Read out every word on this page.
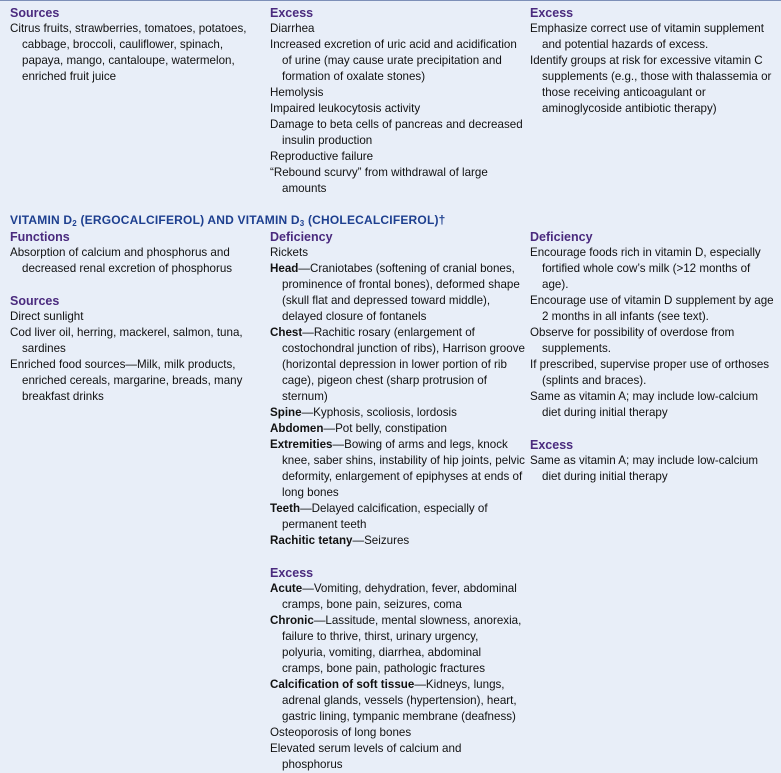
Sources

Citrus fruits, strawberries, tomatoes, potatoes, cabbage, broccoli, cauliflower, spinach, papaya, mango, cantaloupe, watermelon, enriched fruit juice

Excess

Diarrhea

Increased excretion of uric acid and acidification of urine (may cause urate precipitation and formation of oxalate stones)

Hemolysis

Impaired leukocytosis activity

Damage to beta cells of pancreas and decreased insulin production

Reproductive failure

“Rebound scurvy” from withdrawal of large amounts

Excess

Emphasize correct use of vitamin supplement and potential hazards of excess.

Identify groups at risk for excessive vitamin C supplements (e.g., those with thalassemia or those receiving anticoagulant or aminoglycoside antibiotic therapy)

VITAMIN $D_2$ (ERGOCALCIFEROL) AND VITAMIN $D_3$ (CHOLECALCIFEROL)†

Functions

Absorption of calcium and phosphorus and decreased renal excretion of phosphorus

Sources

Direct sunlight

Cod liver oil, herring, mackerel, salmon, tuna, sardines

Enriched food sources—Milk, milk products, enriched cereals, margarine, breads, many breakfast drinks

Deficiency

Rickets

Head—Craniotabes (softening of cranial bones, prominence of frontal bones), deformed shape (skull flat and depressed toward middle), delayed closure of fontanels

Chest—Rachitic rosary (enlargement of costochondral junction of ribs), Harrison groove (horizontal depression in lower portion of rib cage), pigeon chest (sharp protrusion of sternum)

Spine—Kyphosis, scoliosis, lordosis

Abdomen—Pot belly, constipation

Extremities—Bowing of arms and legs, knock knee, saber shins, instability of hip joints, pelvic deformity, enlargement of epiphyses at ends of long bones

Teeth—Delayed calcification, especially of permanent teeth

Rachitic tetany—Seizures

Excess

Acute—Vomiting, dehydration, fever, abdominal cramps, bone pain, seizures, coma

Chronic—Lassitude, mental slowness, anorexia, failure to thrive, thirst, urinary urgency, polyuria, vomiting, diarrhea, abdominal cramps, bone pain, pathologic fractures

Calcification of soft tissue—Kidneys, lungs, adrenal glands, vessels (hypertension), heart, gastric lining, tympanic membrane (deafness)

Osteoporosis of long bones

Elevated serum levels of calcium and phosphorus

Deficiency

Encourage foods rich in vitamin D, especially fortified whole cow’s milk (>12 months of age).

Encourage use of vitamin D supplement by age 2 months in all infants (see text).

Observe for possibility of overdose from supplements.

If prescribed, supervise proper use of orthoses (splints and braces).

Same as vitamin A; may include low-calcium diet during initial therapy

Excess

Same as vitamin A; may include low-calcium diet during initial therapy
